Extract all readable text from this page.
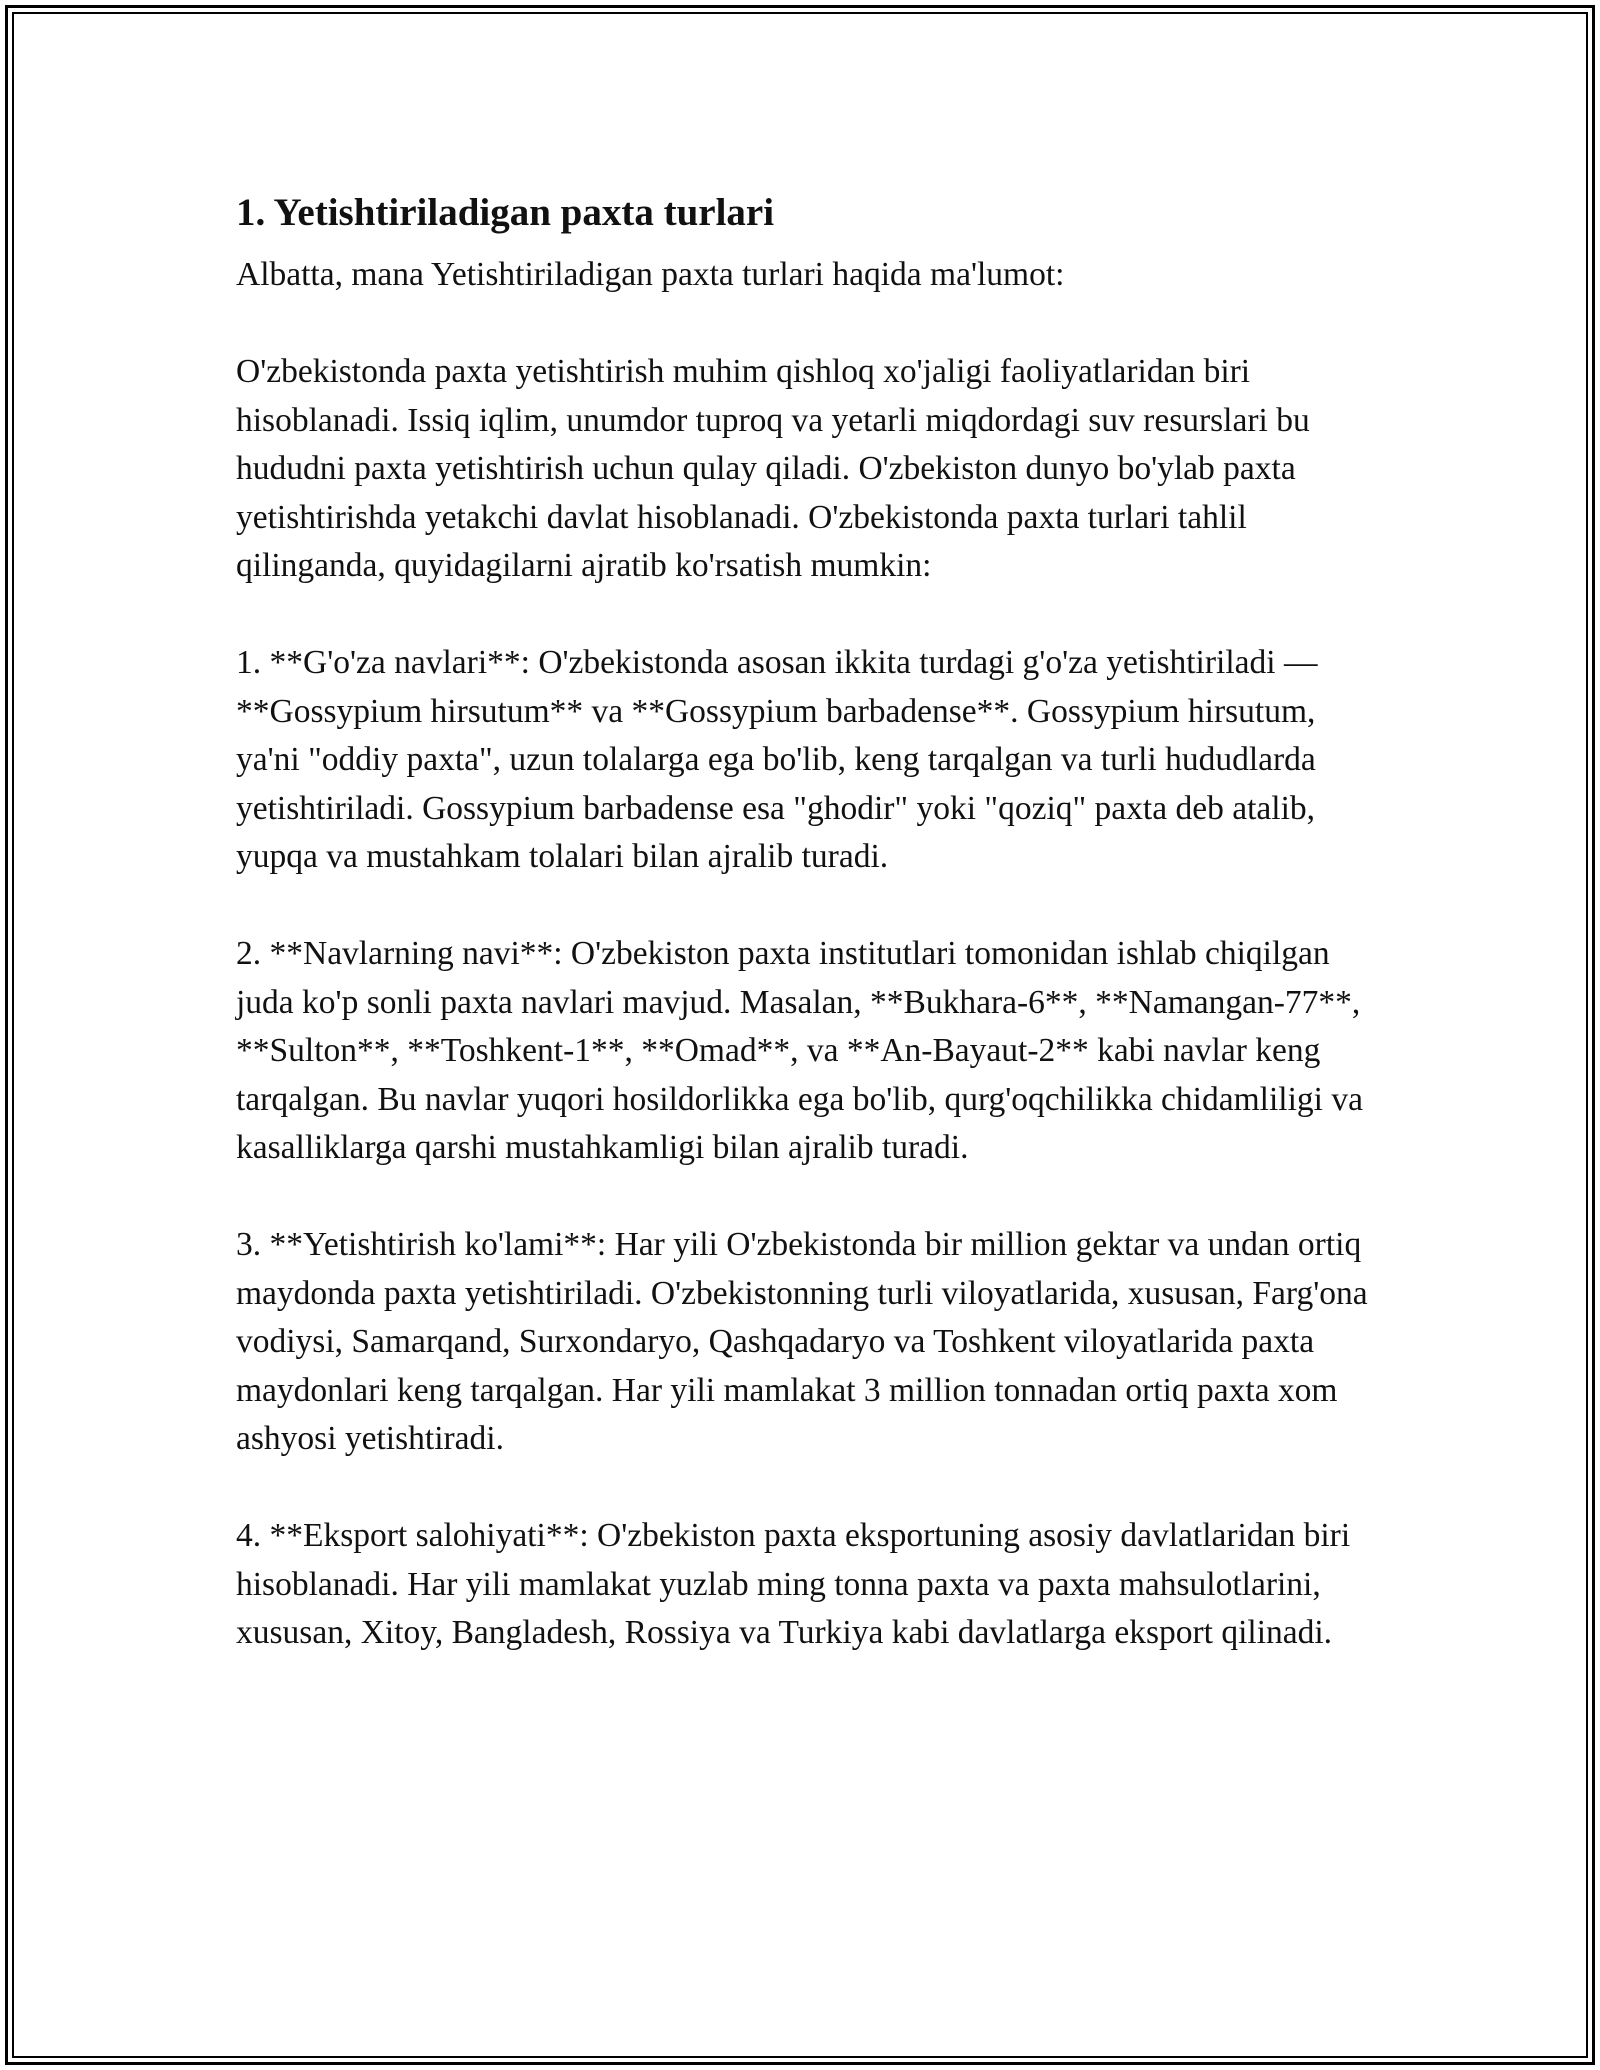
1. Yetishtiriladigan paxta turlari

Albatta, mana Yetishtiriladigan paxta turlari haqida ma'lumot:

O'zbekistonda paxta yetishtirish muhim qishloq xo'jaligi faoliyatlaridan biri hisoblanadi. Issiq iqlim, unumdor tuproq va yetarli miqdordagi suv resurslari bu hududni paxta yetishtirish uchun qulay qiladi. O'zbekiston dunyo bo'ylab paxta yetishtirishda yetakchi davlat hisoblanadi. O'zbekistonda paxta turlari tahlil qilinganda, quyidagilarni ajratib ko'rsatish mumkin:

1. **G'o'za navlari**: O'zbekistonda asosan ikkita turdagi g'o'za yetishtiriladi — **Gossypium hirsutum** va **Gossypium barbadense**. Gossypium hirsutum, ya'ni "oddiy paxta", uzun tolalarga ega bo'lib, keng tarqalgan va turli hududlarda yetishtiriladi. Gossypium barbadense esa "ghodir" yoki "qoziq" paxta deb atalib, yupqa va mustahkam tolalari bilan ajralib turadi.

2. **Navlarning navi**: O'zbekiston paxta institutlari tomonidan ishlab chiqilgan juda ko'p sonli paxta navlari mavjud. Masalan, **Bukhara-6**, **Namangan-77**, **Sulton**, **Toshkent-1**, **Omad**, va **An-Bayaut-2** kabi navlar keng tarqalgan. Bu navlar yuqori hosildorlikka ega bo'lib, qurg'oqchilikka chidamliligi va kasalliklarga qarshi mustahkamligi bilan ajralib turadi.

3. **Yetishtirish ko'lami**: Har yili O'zbekistonda bir million gektar va undan ortiq maydonda paxta yetishtiriladi. O'zbekistonning turli viloyatlarida, xususan, Farg'ona vodiysi, Samarqand, Surxondaryo, Qashqadaryo va Toshkent viloyatlarida paxta maydonlari keng tarqalgan. Har yili mamlakat 3 million tonnadan ortiq paxta xom ashyosi yetishtiradi.

4. **Eksport salohiyati**: O'zbekiston paxta eksportuning asosiy davlatlaridan biri hisoblanadi. Har yili mamlakat yuzlab ming tonna paxta va paxta mahsulotlarini, xususan, Xitoy, Bangladesh, Rossiya va Turkiya kabi davlatlarga eksport qilinadi.
